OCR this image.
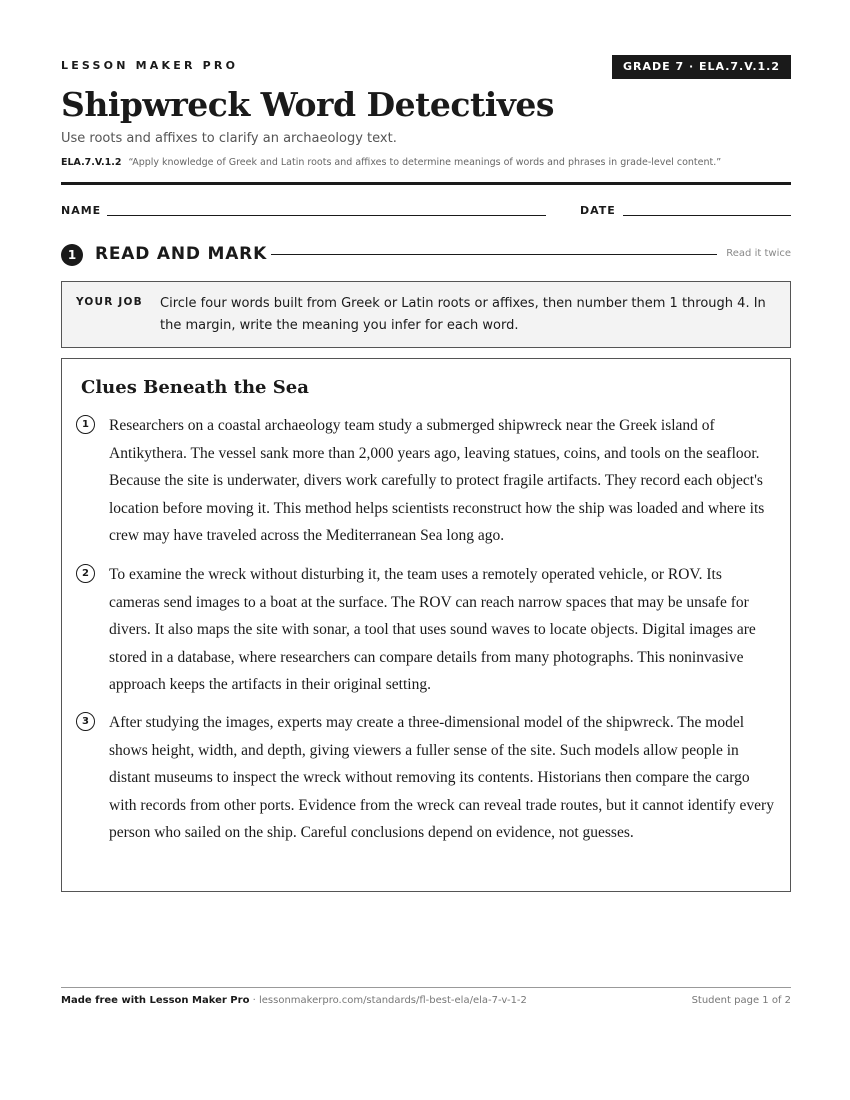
LESSON MAKER PRO	GRADE 7 · ELA.7.V.1.2
Shipwreck Word Detectives
Use roots and affixes to clarify an archaeology text.
ELA.7.V.1.2 “Apply knowledge of Greek and Latin roots and affixes to determine meanings of words and phrases in grade-level content.”
NAME	DATE
1	READ AND MARK	Read it twice
YOUR JOB Circle four words built from Greek or Latin roots or affixes, then number them 1 through 4. In the margin, write the meaning you infer for each word.
Clues Beneath the Sea
1	Researchers on a coastal archaeology team study a submerged shipwreck near the Greek island of Antikythera. The vessel sank more than 2,000 years ago, leaving statues, coins, and tools on the seafloor. Because the site is underwater, divers work carefully to protect fragile artifacts. They record each object's location before moving it. This method helps scientists reconstruct how the ship was loaded and where its crew may have traveled across the Mediterranean Sea long ago.
2	To examine the wreck without disturbing it, the team uses a remotely operated vehicle, or ROV. Its cameras send images to a boat at the surface. The ROV can reach narrow spaces that may be unsafe for divers. It also maps the site with sonar, a tool that uses sound waves to locate objects. Digital images are stored in a database, where researchers can compare details from many photographs. This noninvasive approach keeps the artifacts in their original setting.
3	After studying the images, experts may create a three-dimensional model of the shipwreck. The model shows height, width, and depth, giving viewers a fuller sense of the site. Such models allow people in distant museums to inspect the wreck without removing its contents. Historians then compare the cargo with records from other ports. Evidence from the wreck can reveal trade routes, but it cannot identify every person who sailed on the ship. Careful conclusions depend on evidence, not guesses.
Made free with Lesson Maker Pro · lessonmakerpro.com/standards/fl-best-ela/ela-7-v-1-2	Student page 1 of 2
